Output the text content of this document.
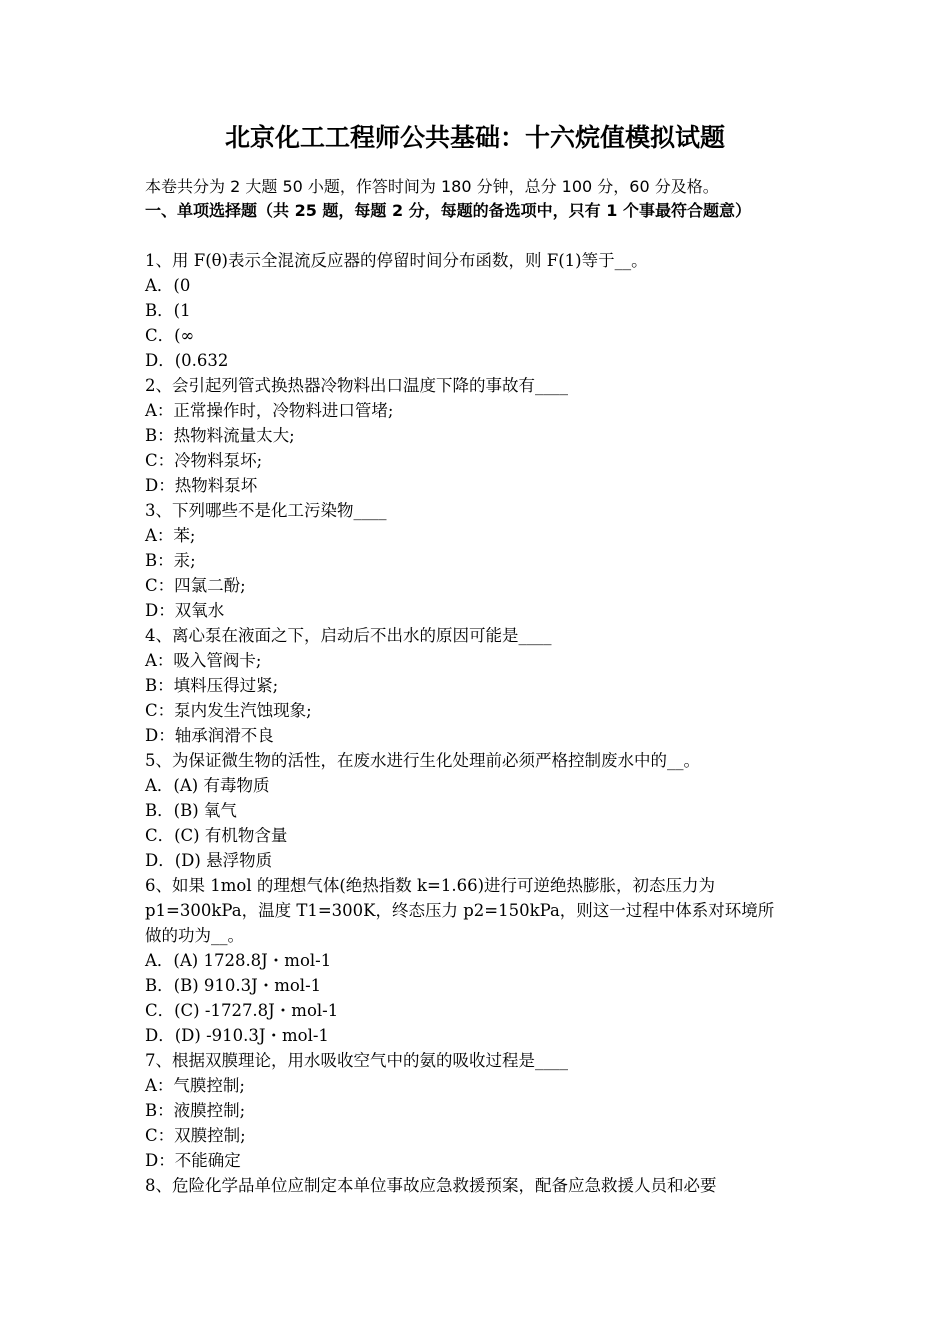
北京化工工程师公共基础：十六烷值模拟试题
本卷共分为 2 大题 50 小题，作答时间为 180 分钟，总分 100 分，60 分及格。
一、单项选择题（共 25 题，每题 2 分，每题的备选项中，只有 1 个事最符合题意）
1、用 F(θ)表示全混流反应器的停留时间分布函数，则 F(1)等于__。
A．(0
B．(1
C．(∞
D．(0.632
2、会引起列管式换热器冷物料出口温度下降的事故有____
A：正常操作时，冷物料进口管堵;
B：热物料流量太大;
C：冷物料泵坏;
D：热物料泵坏
3、下列哪些不是化工污染物____
A：苯;
B：汞;
C：四氯二酚;
D：双氧水
4、离心泵在液面之下，启动后不出水的原因可能是____
A：吸入管阀卡;
B：填料压得过紧;
C：泵内发生汽蚀现象;
D：轴承润滑不良
5、为保证微生物的活性，在废水进行生化处理前必须严格控制废水中的__。
A．(A) 有毒物质
B．(B) 氧气
C．(C) 有机物含量
D．(D) 悬浮物质
6、如果 1mol 的理想气体(绝热指数 k=1.66)进行可逆绝热膨胀，初态压力为
p1=300kPa，温度 T1=300K，终态压力 p2=150kPa，则这一过程中体系对环境所
做的功为__。
A．(A) 1728.8J・mol-1
B．(B) 910.3J・mol-1
C．(C) -1727.8J・mol-1
D．(D) -910.3J・mol-1
7、根据双膜理论，用水吸收空气中的氨的吸收过程是____
A：气膜控制;
B：液膜控制;
C：双膜控制;
D：不能确定
8、危险化学品单位应制定本单位事故应急救援预案，配备应急救援人员和必要
